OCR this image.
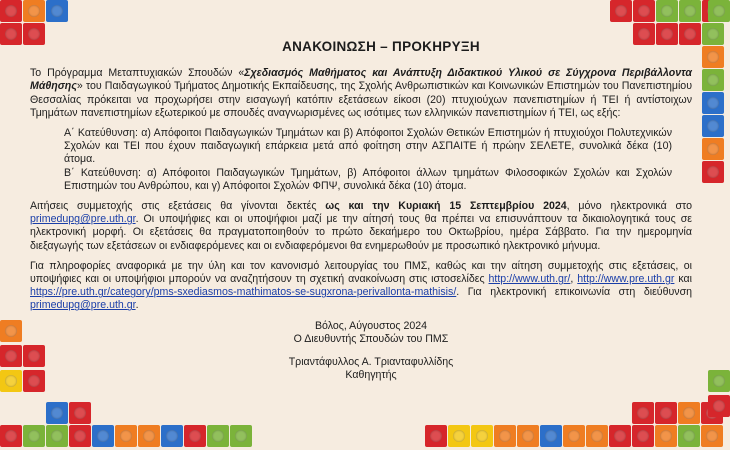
ΑΝΑΚΟΙΝΩΣΗ – ΠΡΟΚΗΡΥΞΗ

Το Πρόγραμμα Μεταπτυχιακών Σπουδών «Σχεδιασμός Μαθήματος και Ανάπτυξη Διδακτικού Υλικού σε Σύγχρονα Περιβάλλοντα Μάθησης» του Παιδαγωγικού Τμήματος Δημοτικής Εκπαίδευσης, της Σχολής Ανθρωπιστικών και Κοινωνικών Επιστημών του Πανεπιστημίου Θεσσαλίας πρόκειται να προχωρήσει στην εισαγωγή κατόπιν εξετάσεων είκοσι (20) πτυχιούχων πανεπιστημίων ή ΤΕΙ ή αντίστοιχων Τμημάτων πανεπιστημίων εξωτερικού με σπουδές αναγνωρισμένες ως ισότιμες των ελληνικών πανεπιστημίων ή ΤΕΙ, ως εξής:

Α΄ Κατεύθυνση: α) Απόφοιτοι Παιδαγωγικών Τμημάτων και β) Απόφοιτοι Σχολών Θετικών Επιστημών ή πτυχιούχοι Πολυτεχνικών Σχολών και ΤΕΙ που έχουν παιδαγωγική επάρκεια μετά από φοίτηση στην ΑΣΠΑΙΤΕ ή πρώην ΣΕΛΕΤΕ, συνολικά δέκα (10) άτομα.

Β΄ Κατεύθυνση: α) Απόφοιτοι Παιδαγωγικών Τμημάτων, β) Απόφοιτοι άλλων τμημάτων Φιλοσοφικών Σχολών και Σχολών Επιστημών του Ανθρώπου, και γ) Απόφοιτοι Σχολών ΦΠΨ, συνολικά δέκα (10) άτομα.

Αιτήσεις συμμετοχής στις εξετάσεις θα γίνονται δεκτές ως και την Κυριακή 15 Σεπτεμβρίου 2024, μόνο ηλεκτρονικά στο primedupg@pre.uth.gr. Οι υποψήφιες και οι υποψήφιοι μαζί με την αίτησή τους θα πρέπει να επισυνάπτουν τα δικαιολογητικά τους σε ηλεκτρονική μορφή. Οι εξετάσεις θα πραγματοποιηθούν το πρώτο δεκαήμερο του Οκτωβρίου, ημέρα Σάββατο. Για την ημερομηνία διεξαγωγής των εξετάσεων οι ενδιαφερόμενες και οι ενδιαφερόμενοι θα ενημερωθούν με προσωπικό ηλεκτρονικό μήνυμα.

Για πληροφορίες αναφορικά με την ύλη και τον κανονισμό λειτουργίας του ΠΜΣ, καθώς και την αίτηση συμμετοχής στις εξετάσεις, οι υποψήφιες και οι υποψήφιοι μπορούν να αναζητήσουν τη σχετική ανακοίνωση στις ιστοσελίδες http://www.uth.gr/, http://www.pre.uth.gr και https://pre.uth.gr/category/pms-sxediasmos-mathimatos-se-sugxrona-perivallonta-mathisis/. Για ηλεκτρονική επικοινωνία στη διεύθυνση primedupg@pre.uth.gr.

Βόλος, Αύγουστος 2024
Ο Διευθυντής Σπουδών του ΠΜΣ
Τριαντάφυλλος Α. Τριανταφυλλίδης
Καθηγητής
